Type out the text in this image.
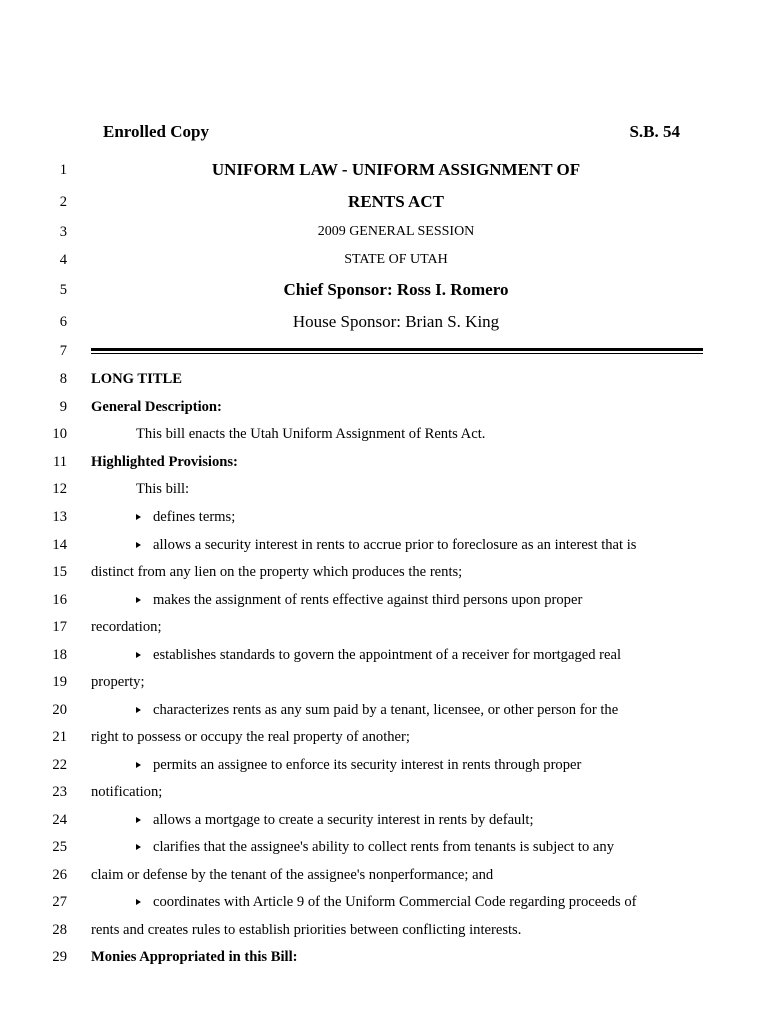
Enrolled Copy	S.B. 54
1	UNIFORM LAW - UNIFORM ASSIGNMENT OF
2	RENTS ACT
3	2009 GENERAL SESSION
4	STATE OF UTAH
5	Chief Sponsor: Ross I. Romero
6	House Sponsor: Brian S. King
7
8 LONG TITLE
9 General Description:
10	This bill enacts the Utah Uniform Assignment of Rents Act.
11 Highlighted Provisions:
12	This bill:
13	defines terms;
14	allows a security interest in rents to accrue prior to foreclosure as an interest that is
15 distinct from any lien on the property which produces the rents;
16	makes the assignment of rents effective against third persons upon proper
17 recordation;
18	establishes standards to govern the appointment of a receiver for mortgaged real
19 property;
20	characterizes rents as any sum paid by a tenant, licensee, or other person for the
21 right to possess or occupy the real property of another;
22	permits an assignee to enforce its security interest in rents through proper
23 notification;
24	allows a mortgage to create a security interest in rents by default;
25	clarifies that the assignee's ability to collect rents from tenants is subject to any
26 claim or defense by the tenant of the assignee's nonperformance; and
27	coordinates with Article 9 of the Uniform Commercial Code regarding proceeds of
28 rents and creates rules to establish priorities between conflicting interests.
29 Monies Appropriated in this Bill:
